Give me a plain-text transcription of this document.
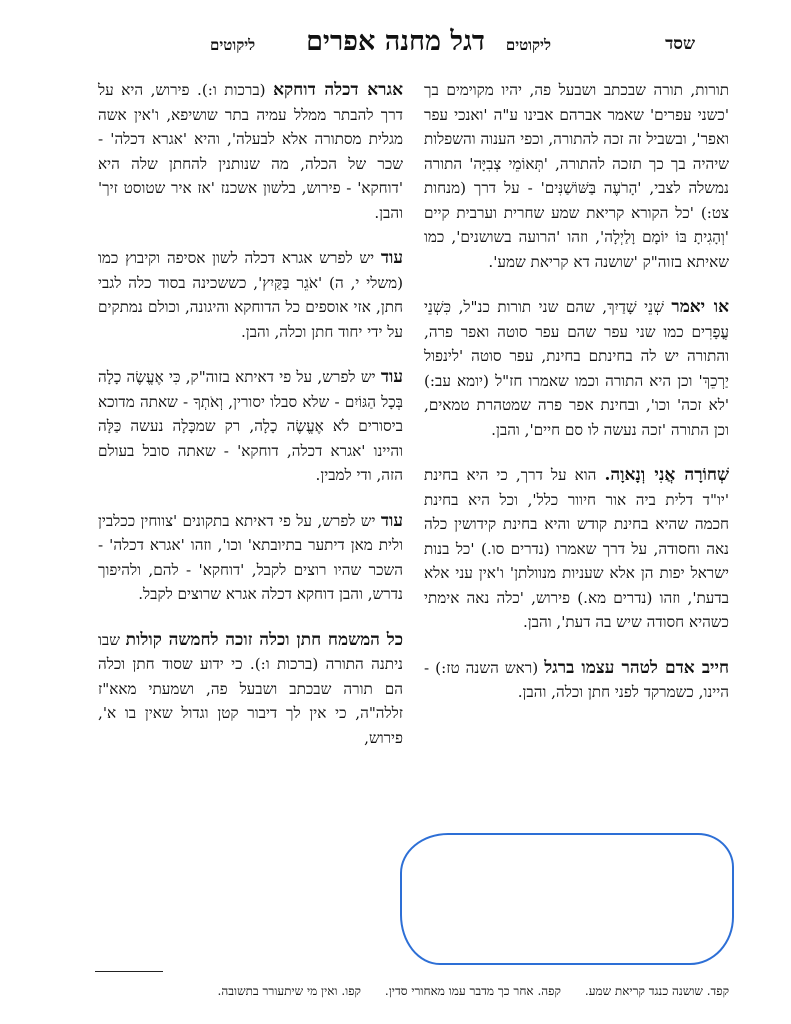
שסד
ליקוטים
דגל מחנה אפרים
ליקוטים

תורות, תורה שבכתב ושבעל פה, יהיו מקוימים בך 'כשני עפרים' שאמר אברהם אבינו ע"ה 'ואנכי עפר ואפר', ובשביל זה זכה להתורה, וכפי הענוה והשפלות שיהיה בך כך תזכה להתורה, 'תְּאוֹמֵי צְבִיָּה' התורה נמשלה לצבי, 'הָרֹעֶה בַּשּׁוֹשַׁנִּים' - על דרך (מנחות צט:) 'כל הקורא קריאת שמע שחרית וערבית קיים 'וְהָגִיתָ בּוֹ יוֹמָם וָלַיְלָה', וזהו 'הרועה בשושנים', כמו שאיתא בזוה"ק 'שושנה דא קריאת שמע'.

או יאמר שְׁנֵי שָׁדַיִךְ, שהם שני תורות כנ"ל, כִּשְׁנֵי עֳפָרִים כמו שני עפר שהם עפר סוטה ואפר פרה, והתורה יש לה בחינתם בחינת, עפר סוטה 'לינפול יַרְכֵךְ' וכן היא התורה וכמו שאמרו חז"ל (יומא עב:) 'לא זכה' וכו', ובחינת אפר פרה שמטהרת טמאים, וכן התורה 'זכה נעשה לו סם חיים', והבן.

שְׁחוֹרָה אֲנִי וְנָאוָה. הוא על דרך, כי היא בחינת 'יו"ד דלית ביה אור חיוור כלל', וכל היא בחינת חכמה שהיא בחינת קודש והיא בחינת קידושין כלה נאה וחסודה, על דרך שאמרו (נדרים סו.) 'כל בנות ישראל יפות הן אלא שעניות מנוולתן' ו'אין עני אלא בדעת', וזהו (נדרים מא.) פירוש, 'כלה נאה אימתי כשהיא חסודה שיש בה דעת', והבן.

חייב אדם לטהר עצמו ברגל (ראש השנה טז:) - היינו, כשמרקד לפני חתן וכלה, והבן.

אגרא דכלה דוחקא (ברכות ו:). פירוש, היא על דרך להבתר ממלל עמיה בתר שושיפא, ו'אין אשה מגלית מסתורה אלא לבעלה', והיא 'אגרא דכלה' - שכר של הכלה, מה שנותנין להחתן שלה היא 'דוחקא' - פירוש, בלשון אשכנז 'אז איר שטוסט זיך' והבן.

עוד יש לפרש אגרא דכלה לשון אסיפה וקיבוץ כמו (משלי י, ה) 'אֹגֵר בַּקַּיִץ', כששכינה בסוד כלה לגבי חתן, אזי אוספים כל הדוחקא והיגונה, וכולם נמתקים על ידי יחוד חתן וכלה, והבן.

עוד יש לפרש, על פי דאיתא בזוה"ק, כִּי אֶעֱשֶׂה כָלָה בְּכָל הַגּוֹיִם - שלא סבלו יסורין, וְאֹתְךָ - שאתה מדוכא ביסורים לֹא אֶעֱשֶׂה כָלָה, רק שמכָּלָה נעשה כַּלָּה והיינו 'אגרא דכלה, דוחקא' - שאתה סובל בעולם הזה, ודי למבין.

עוד יש לפרש, על פי דאיתא בתקונים 'צווחין ככלבין ולית מאן דיתער בתיובתא' וכו', וזהו 'אגרא דכלה' - השכר שהיו רוצים לקבל, 'דוחקא' - להם, ולהיפוך נדרש, והבן דוחקא דכלה אגרא שרוצים לקבל.

כל המשמח חתן וכלה זוכה לחמשה קולות שבו ניתנה התורה (ברכות ו:). כי ידוע שסוד חתן וכלה הם תורה שבכתב ושבעל פה, ושמעתי מאא"ז זללה"ה, כי אין לך דיבור קטן וגדול שאין בו א', פירוש,

קפד. שושנה כנגד קריאת שמע.
קפה. אחר כך מדבר עמו מאחורי סדין.
קפו. ואין מי שיתעורר בתשובה.
